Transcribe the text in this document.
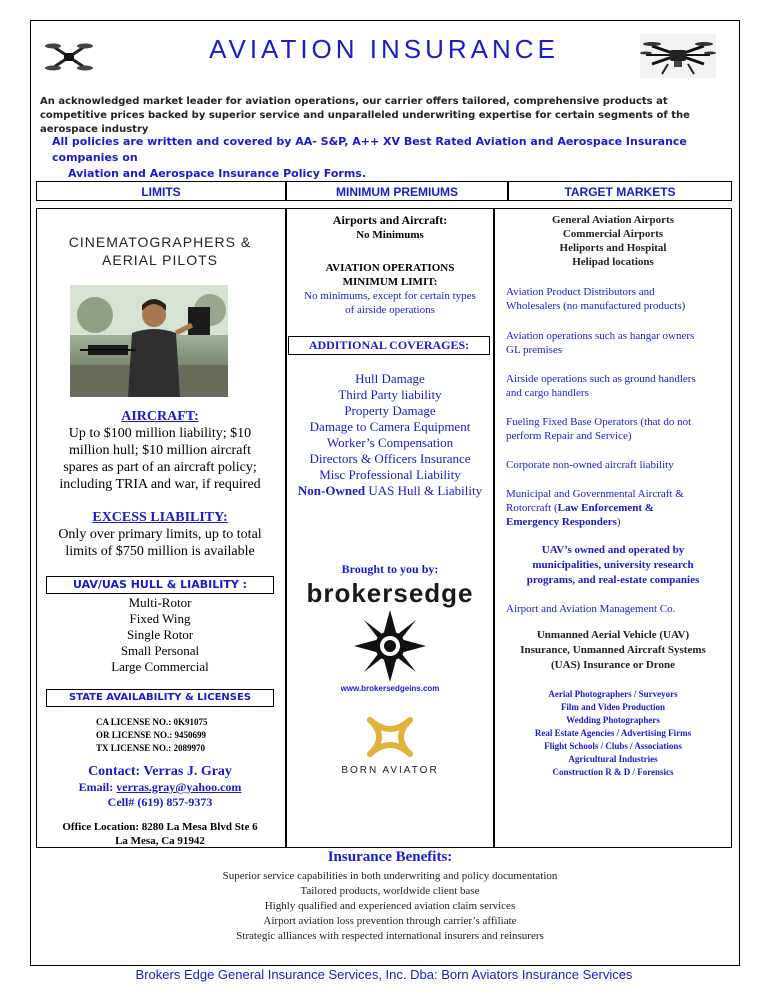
AVIATION INSURANCE
An acknowledged market leader for aviation operations, our carrier offers tailored, comprehensive products at competitive prices backed by superior service and unparalleled underwriting expertise for certain segments of the aerospace industry
All policies are written and covered by AA- S&P, A++ XV Best Rated Aviation and Aerospace Insurance companies on
Aviation and Aerospace Insurance Policy Forms.
LIMITS	MINIMUM PREMIUMS	TARGET MARKETS
CINEMATOGRAPHERS &
AERIAL PILOTS
AIRCRAFT:
Up to $100 million liability; $10
million hull; $10 million aircraft
spares as part of an aircraft policy;
including TRIA and war, if required
EXCESS LIABILITY:
Only over primary limits, up to total
limits of $750 million is available
UAV/UAS HULL & LIABILITY :
Multi-Rotor
Fixed Wing
Single Rotor
Small Personal
Large Commercial
STATE AVAILABILITY & LICENSES
CA LICENSE NO.: 0K91075
OR LICENSE NO.: 9450699
TX LICENSE NO.: 2089970
Contact: Verras J. Gray
Email: verras.gray@yahoo.com
Cell# (619) 857-9373
Office Location: 8280 La Mesa Blvd Ste 6
La Mesa, Ca 91942
Airports and Aircraft:
No Minimums
AVIATION OPERATIONS
MINIMUM LIMIT:
No minimums, except for certain types
of airside operations
ADDITIONAL COVERAGES:
Hull Damage
Third Party liability
Property Damage
Damage to Camera Equipment
Worker’s Compensation
Directors & Officers Insurance
Misc Professional Liability
Non-Owned UAS Hull & Liability
Brought to you by:
brokersedge
www.brokersedgeins.com
BORN AVIATOR
General Aviation Airports
Commercial Airports
Heliports and Hospital
Helipad locations
Aviation Product Distributors and
Wholesalers (no manufactured products)
Aviation operations such as hangar owners
GL premises
Airside operations such as ground handlers
and cargo handlers
Fueling Fixed Base Operators (that do not
perform Repair and Service)
Corporate non-owned aircraft liability
Municipal and Governmental Aircraft &
Rotorcraft (Law Enforcement &
Emergency Responders)
UAV’s owned and operated by
municipalities, university research
programs, and real-estate companies
Airport and Aviation Management Co.
Unmanned Aerial Vehicle (UAV)
Insurance, Unmanned Aircraft Systems
(UAS) Insurance or Drone
Aerial Photographers / Surveyors
Film and Video Production
Wedding Photographers
Real Estate Agencies / Advertising Firms
Flight Schools / Clubs / Associations
Agricultural Industries
Construction R & D / Forensics
Insurance Benefits:
Superior service capabilities in both underwriting and policy documentation
Tailored products, worldwide client base
Highly qualified and experienced aviation claim services
Airport aviation loss prevention through carrier’s affiliate
Strategic alliances with respected international insurers and reinsurers
Brokers Edge General Insurance Services, Inc. Dba: Born Aviators Insurance Services
